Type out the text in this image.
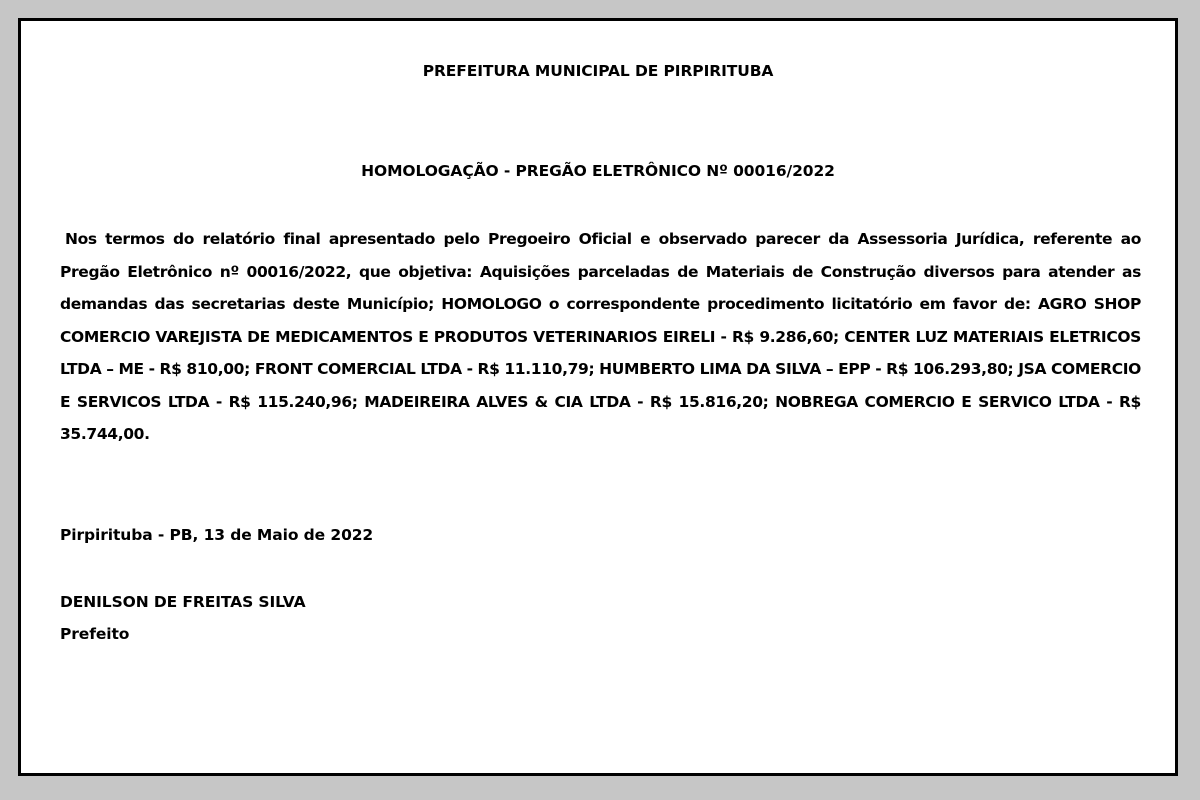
PREFEITURA MUNICIPAL DE PIRPIRITUBA

HOMOLOGAÇÃO - PREGÃO ELETRÔNICO Nº 00016/2022

Nos termos do relatório final apresentado pelo Pregoeiro Oficial e observado parecer da Assessoria Jurídica, referente ao Pregão Eletrônico nº 00016/2022, que objetiva: Aquisições parceladas de Materiais de Construção diversos para atender as demandas das secretarias deste Município; HOMOLOGO o correspondente procedimento licitatório em favor de: AGRO SHOP COMERCIO VAREJISTA DE MEDICAMENTOS E PRODUTOS VETERINARIOS EIRELI - R$ 9.286,60; CENTER LUZ MATERIAIS ELETRICOS LTDA – ME - R$ 810,00; FRONT COMERCIAL LTDA - R$ 11.110,79; HUMBERTO LIMA DA SILVA – EPP - R$ 106.293,80; JSA COMERCIO E SERVICOS LTDA - R$ 115.240,96; MADEIREIRA ALVES & CIA LTDA - R$ 15.816,20; NOBREGA COMERCIO E SERVICO LTDA - R$ 35.744,00.

Pirpirituba - PB, 13 de Maio de 2022

DENILSON DE FREITAS SILVA

Prefeito
